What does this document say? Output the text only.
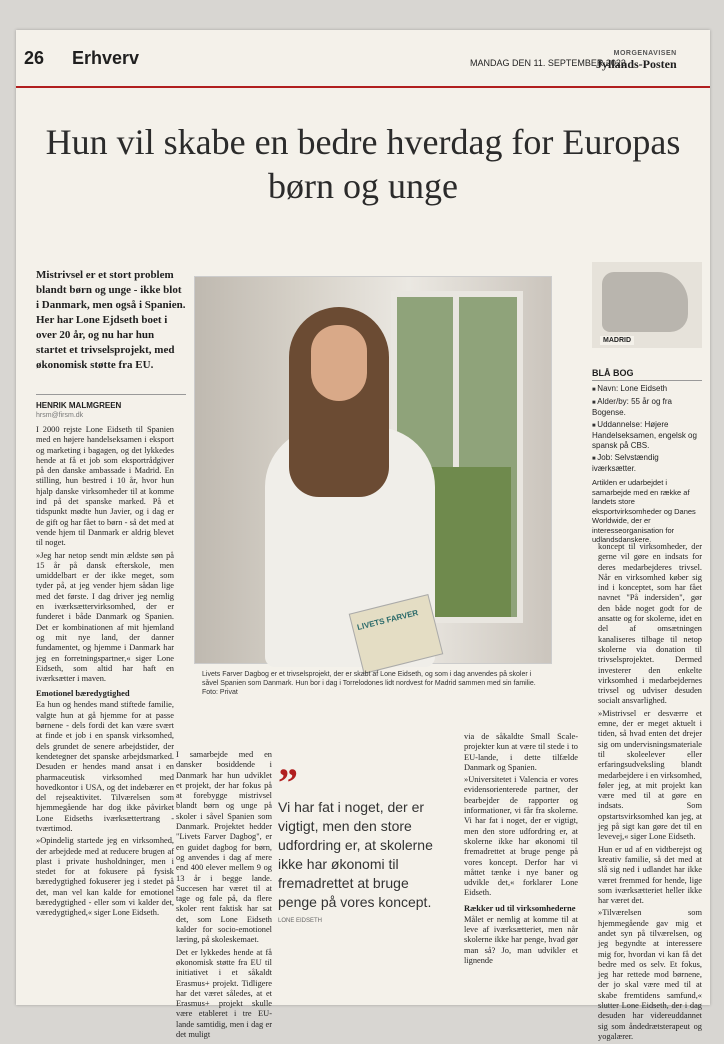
26 Erhverv	MANDAG DEN 11. SEPTEMBER 2023
MORGENAVISEN
Jyllands-Posten
Hun vil skabe en bedre hverdag for Europas børn og unge
Mistrivsel er et stort problem blandt børn og unge - ikke blot i Danmark, men også i Spanien. Her har Lone Ejdseth boet i over 20 år, og nu har hun startet et trivselsprojekt, med økonomisk støtte fra EU.
HENRIK MALMGREEN
hrsm@firsm.dk

I 2000 rejste Lone Eidseth til Spanien med en højere handelseksamen i eksport og marketing i bagagen, og det lykkedes hende at få et job som eksportrådgiver på den danske ambassade i Madrid. En stilling, hun bestred i 10 år, hvor hun hjalp danske virksomheder til at komme ind på det spanske marked. På et tidspunkt mødte hun Javier, og i dag er de gift og har fået to børn - så det med at vende hjem til Danmark er aldrig blevet til noget.

»Jeg har netop sendt min ældste søn på 15 år på dansk efterskole, men umiddelbart er der ikke meget, som tyder på, at jeg vender hjem sådan lige med det første. I dag driver jeg nemlig en iværksættervirksomhed, der er funderet i både Danmark og Spanien. Det er kombinationen af mit hjemland og mit nye land, der danner fundamentet, og hjemme i Danmark har jeg en forretningspartner,« siger Lone Eidseth, som altid har haft en iværksætter i maven.

Emotionel bæredygtighed

Ea hun og hendes mand stiftede familie, valgte hun at gå hjemme for at passe børnene - dels fordi det kan være svært at finde et job i en spansk virksomhed, dels grundet de senere arbejdstider, der kendetegner det spanske arbejdsmarked. Desuden er hendes mand ansat i en pharmaceutisk virksomhed med hovedkontor i USA, og det indebærer en del rejseaktivitet. Tilværelsen som hjemmegående har dog ikke påvirket Lone Eidseths iværksættertrang - tværtimod.

»Opindelig startede jeg en virksomhed, der arbejdede med at reducere brugen af plast i private husholdninger, men i stedet for at fokusere på fysisk bæredygtighed fokuserer jeg i stedet på det, man vel kan kalde for emotionel bæredygtighed - eller som vi kalder det, væredygtighed,« siger Lone Eidseth.

LIVETS FARVER
Livets Farver Dagbog er et trivselsprojekt, der er skabt af Lone Eidseth, og som i dag anvendes på skoler i såvel Spanien som Danmark. Hun bor i dag i Torrelodones lidt nordvest for Madrid sammen med sin familie. Foto: Privat

I samarbejde med en dansker bosiddende i Danmark har hun udviklet et projekt, der har fokus på at forebygge mistrivsel blandt børn og unge på skoler i såvel Spanien som Danmark. Projektet hedder "Livets Farver Dagbog", er en guidet dagbog for børn, og anvendes i dag af mere end 400 elever mellem 9 og 13 år i begge lande. Succesen har været til at tage og føle på, da flere skoler rent faktisk har sat det, som Lone Eidseth kalder for socio-emotionel læring, på skoleskemaet.

Det er lykkedes hende at få økonomisk støtte fra EU til initiativet i et såkaldt Erasmus+ projekt. Tidligere har det været således, at et Erasmus+ projekt skulle være etableret i tre EU-lande samtidig, men i dag er det muligt

”
Vi har fat i noget, der er vigtigt, men den store udfordring er, at skolerne ikke har økonomi til fremadrettet at bruge penge på vores koncept.
LONE EIDSETH

via de såkaldte Small Scale-projekter kun at være til stede i to EU-lande, i dette tilfælde Danmark og Spanien.

»Universitetet i Valencia er vores evidensorienterede partner, der bearbejder de rapporter og informationer, vi får fra skolerne. Vi har fat i noget, der er vigtigt, men den store udfordring er, at skolerne ikke har økonomi til fremadrettet at bruge penge på vores koncept. Derfor har vi måttet tænke i nye baner og udvikle det,« forklarer Lone Eidseth.

Rækker ud til virksomhederne

Målet er nemlig at komme til at leve af iværksætteriet, men når skolerne ikke har penge, hvad gør man så? Jo, man udvikler et lignende

MADRID
BLÅ BOG
■ Navn: Lone Eidseth
■ Alder/by: 55 år og fra Bogense.
■ Uddannelse: Højere Handelseksamen, engelsk og spansk på CBS.
■ Job: Selvstændig iværksætter.
Artiklen er udarbejdet i samarbejde med en række af landets store eksportvirksomheder og Danes Worldwide, der er interesseorganisation for udlandsdanskere.

koncept til virksomheder, der gerne vil gøre en indsats for deres medarbejderes trivsel. Når en virksomhed køber sig ind i konceptet, som har fået navnet "På indersiden", gør den både noget godt for de ansatte og for skolerne, idet en del af omsætningen kanaliseres tilbage til netop skolerne via donation til trivselsprojektet. Dermed investerer den enkelte virksomhed i medarbejdernes trivsel og udviser desuden socialt ansvarlighed.

»Mistrivsel er desværre et emne, der er meget aktuelt i tiden, så hvad enten det drejer sig om undervisningsmateriale til skoleelever eller erfaringsudveksling blandt medarbejdere i en virksomhed, føler jeg, at mit projekt kan være med til at gøre en indsats. Som opstartsvirksomhed kan jeg, at jeg på sigt kan gøre det til en levevej,« siger Lone Eidseth.

Hun er ud af en vidtberejst og kreativ familie, så det med at slå sig ned i udlandet har ikke været fremmed for hende, lige som iværksætteriet heller ikke har været det.

»Tilværelsen som hjemmegående gav mig et andet syn på tilværelsen, og jeg begyndte at interessere mig for, hvordan vi kan få det bedre med os selv. Et fokus, jeg har rettede mod børnene, der jo skal være med til at skabe fremtidens samfund,« slutter Lone Eidseth, der i dag desuden har videreuddannet sig som åndedrætsterapeut og yogalærer.
